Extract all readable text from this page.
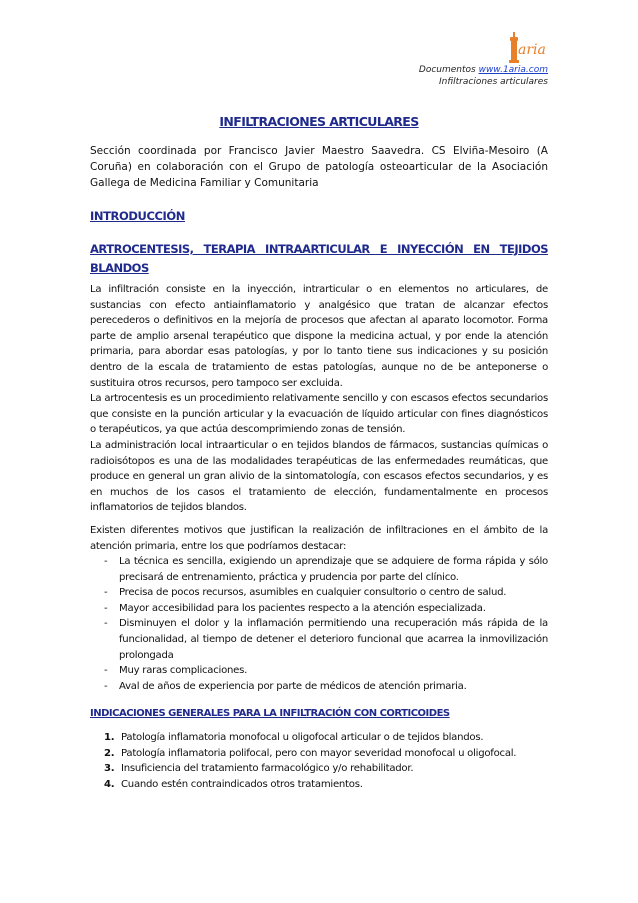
aria
Documentos www.1aria.com
Infiltraciones articulares
INFILTRACIONES ARTICULARES
Sección coordinada por Francisco Javier Maestro Saavedra. CS Elviña-Mesoiro (A Coruña) en colaboración con el Grupo de patología osteoarticular de la Asociación Gallega de Medicina Familiar y Comunitaria
INTRODUCCIÓN
ARTROCENTESIS, TERAPIA INTRAARTICULAR E INYECCIÓN EN TEJIDOS BLANDOS

La infiltración consiste en la inyección, intrarticular o en elementos no articulares, de sustancias con efecto antiainflamatorio y analgésico que tratan de alcanzar efectos perecederos o definitivos en la mejoría de procesos que afectan al aparato locomotor. Forma parte de amplio arsenal terapéutico que dispone la medicina actual, y por ende la atención primaria, para abordar esas patologías, y por lo tanto tiene sus indicaciones y su posición dentro de la escala de tratamiento de estas patologías, aunque no de be anteponerse o sustituira otros recursos, pero tampoco ser excluida.

La artrocentesis es un procedimiento relativamente sencillo y con escasos efectos secundarios que consiste en la punción articular y la evacuación de líquido articular con fines diagnósticos o terapéuticos, ya que actúa descomprimiendo zonas de tensión.

La administración local intraarticular o en tejidos blandos de fármacos, sustancias químicas o radioisótopos es una de las modalidades terapéuticas de las enfermedades reumáticas, que produce en general un gran alivio de la sintomatología, con escasos efectos secundarios, y es en muchos de los casos el tratamiento de elección, fundamentalmente en procesos inflamatorios de tejidos blandos.

Existen diferentes motivos que justifican la realización de infiltraciones en el ámbito de la atención primaria, entre los que podríamos destacar:

- La técnica es sencilla, exigiendo un aprendizaje que se adquiere de forma rápida y sólo precisará de entrenamiento, práctica y prudencia por parte del clínico.
- Precisa de pocos recursos, asumibles en cualquier consultorio o centro de salud.
- Mayor accesibilidad para los pacientes respecto a la atención especializada.
- Disminuyen el dolor y la inflamación permitiendo una recuperación más rápida de la funcionalidad, al tiempo de detener el deterioro funcional que acarrea la inmovilización prolongada
- Muy raras complicaciones.
- Aval de años de experiencia por parte de médicos de atención primaria.
INDICACIONES GENERALES PARA LA INFILTRACIÓN CON CORTICOIDES
1. Patología inflamatoria monofocal u oligofocal articular o de tejidos blandos.
2. Patología inflamatoria polifocal, pero con mayor severidad monofocal u oligofocal.
3. Insuficiencia del tratamiento farmacológico y/o rehabilitador.
4. Cuando estén contraindicados otros tratamientos.
